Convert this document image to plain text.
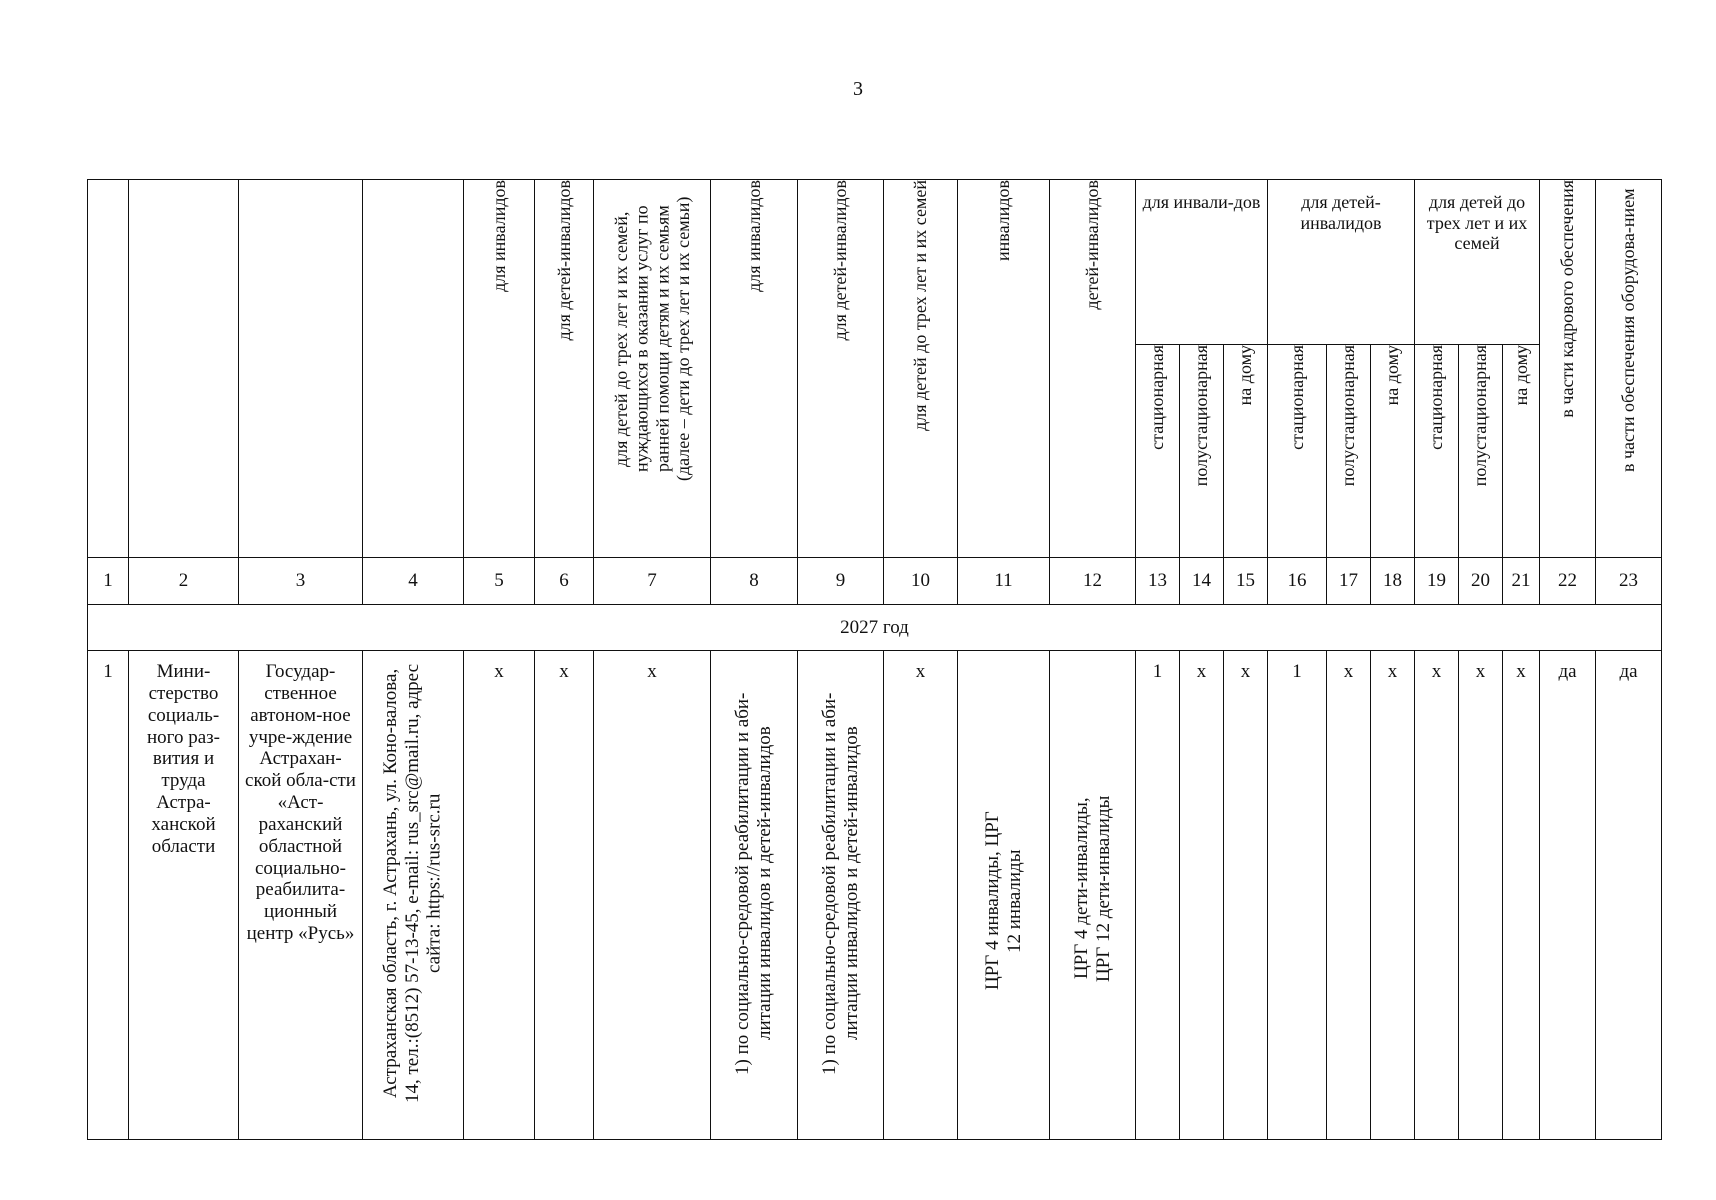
3
				для инвалидов	для детей-инвалидов	для детей до трех лет и их семей, нуждающихся в оказании услуг по ранней помощи детям и их семьям (далее – дети до трех лет и их семьи)	для инвалидов	для детей-инвалидов	для детей до трех лет и их семей	инвалидов	детей-инвалидов	для инвали-дов			для детей-инвалидов			для детей до трех лет и их семей			в части кадрового обеспечения	в части обеспечения оборудова-нием
												стационарная	полустационарная	на дому	стационарная	полустационарная	на дому	стационарная	полустационарная	на дому		
1	2	3	4	5	6	7	8	9	10	11	12	13	14	15	16	17	18	19	20	21	22	23
2027 год																						
1	Мини-стерство социаль-ного раз-вития и труда Астра-ханской области	Государ-ственное автоном-ное учре-ждение Астрахан-ской обла-сти «Аст-раханский областной социально-реабилита-ционный центр «Русь»	Астраханская область, г. Астрахань, ул. Коно-валова, 14, тел.:(8512) 57-13-45, e-mail: rus_src@mail.ru, адрес сайта: https://rus-src.ru	х	х	х	1) по социально-средовой реабилитации и аби-литации инвалидов и детей-инвалидов	1) по социально-средовой реабилитации и аби-литации инвалидов и детей-инвалидов	х	ЦРГ 4 инвалиды, ЦРГ 12 инвалиды	ЦРГ 4 дети-инвалиды, ЦРГ 12 дети-инвалиды	1	х	х	1	х	х	х	х	х	да	да
